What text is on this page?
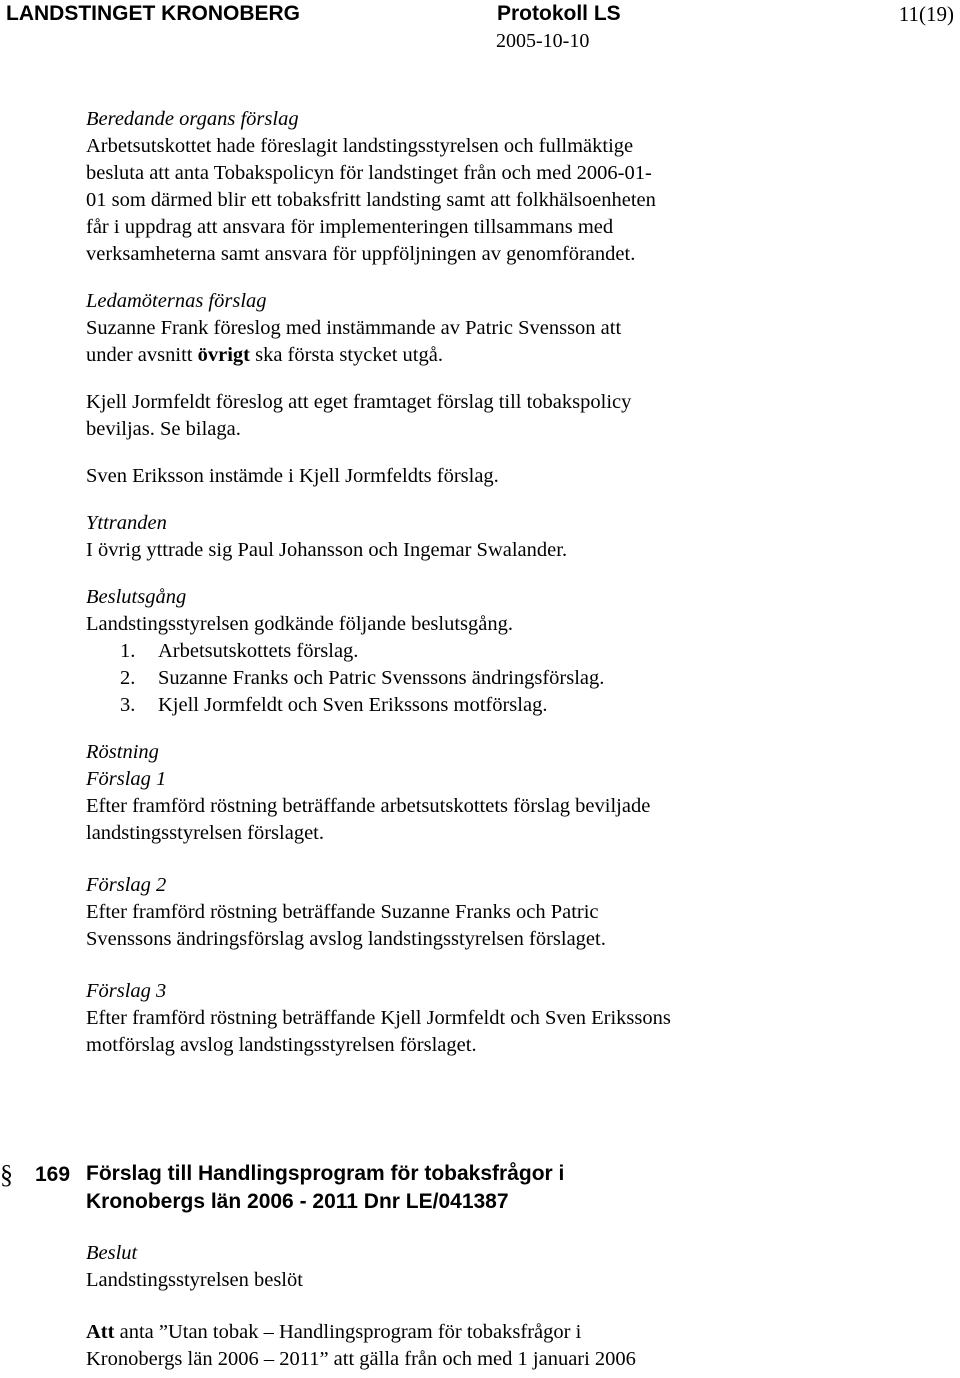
LANDSTINGET KRONOBERG	Protokoll LS	11(19)
2005-10-10
Beredande organs förslag
Arbetsutskottet hade föreslagit landstingsstyrelsen och fullmäktige
besluta att anta Tobakspolicyn för landstinget från och med 2006-01-
01 som därmed blir ett tobaksfritt landsting samt att folkhälsoenheten
får i uppdrag att ansvara för implementeringen tillsammans med
verksamheterna samt ansvara för uppföljningen av genomförandet.
Ledamöternas förslag
Suzanne Frank föreslog med instämmande av Patric Svensson att
under avsnitt övrigt ska första stycket utgå.
Kjell Jormfeldt föreslog att eget framtaget förslag till tobakspolicy
beviljas. Se bilaga.
Sven Eriksson instämde i Kjell Jormfeldts förslag.
Yttranden
I övrig yttrade sig Paul Johansson och Ingemar Swalander.
Beslutsgång
Landstingsstyrelsen godkände följande beslutsgång.
1. Arbetsutskottets förslag.
2. Suzanne Franks och Patric Svenssons ändringsförslag.
3. Kjell Jormfeldt och Sven Erikssons motförslag.
Röstning
Förslag 1
Efter framförd röstning beträffande arbetsutskottets förslag beviljade
landstingsstyrelsen förslaget.
Förslag 2
Efter framförd röstning beträffande Suzanne Franks och Patric
Svenssons ändringsförslag avslog landstingsstyrelsen förslaget.
Förslag 3
Efter framförd röstning beträffande Kjell Jormfeldt och Sven Erikssons
motförslag avslog landstingsstyrelsen förslaget.
§ 169 Förslag till Handlingsprogram för tobaksfrågor i
Kronobergs län 2006 - 2011 Dnr LE/041387
Beslut
Landstingsstyrelsen beslöt
Att anta ”Utan tobak – Handlingsprogram för tobaksfrågor i
Kronobergs län 2006 – 2011” att gälla från och med 1 januari 2006
